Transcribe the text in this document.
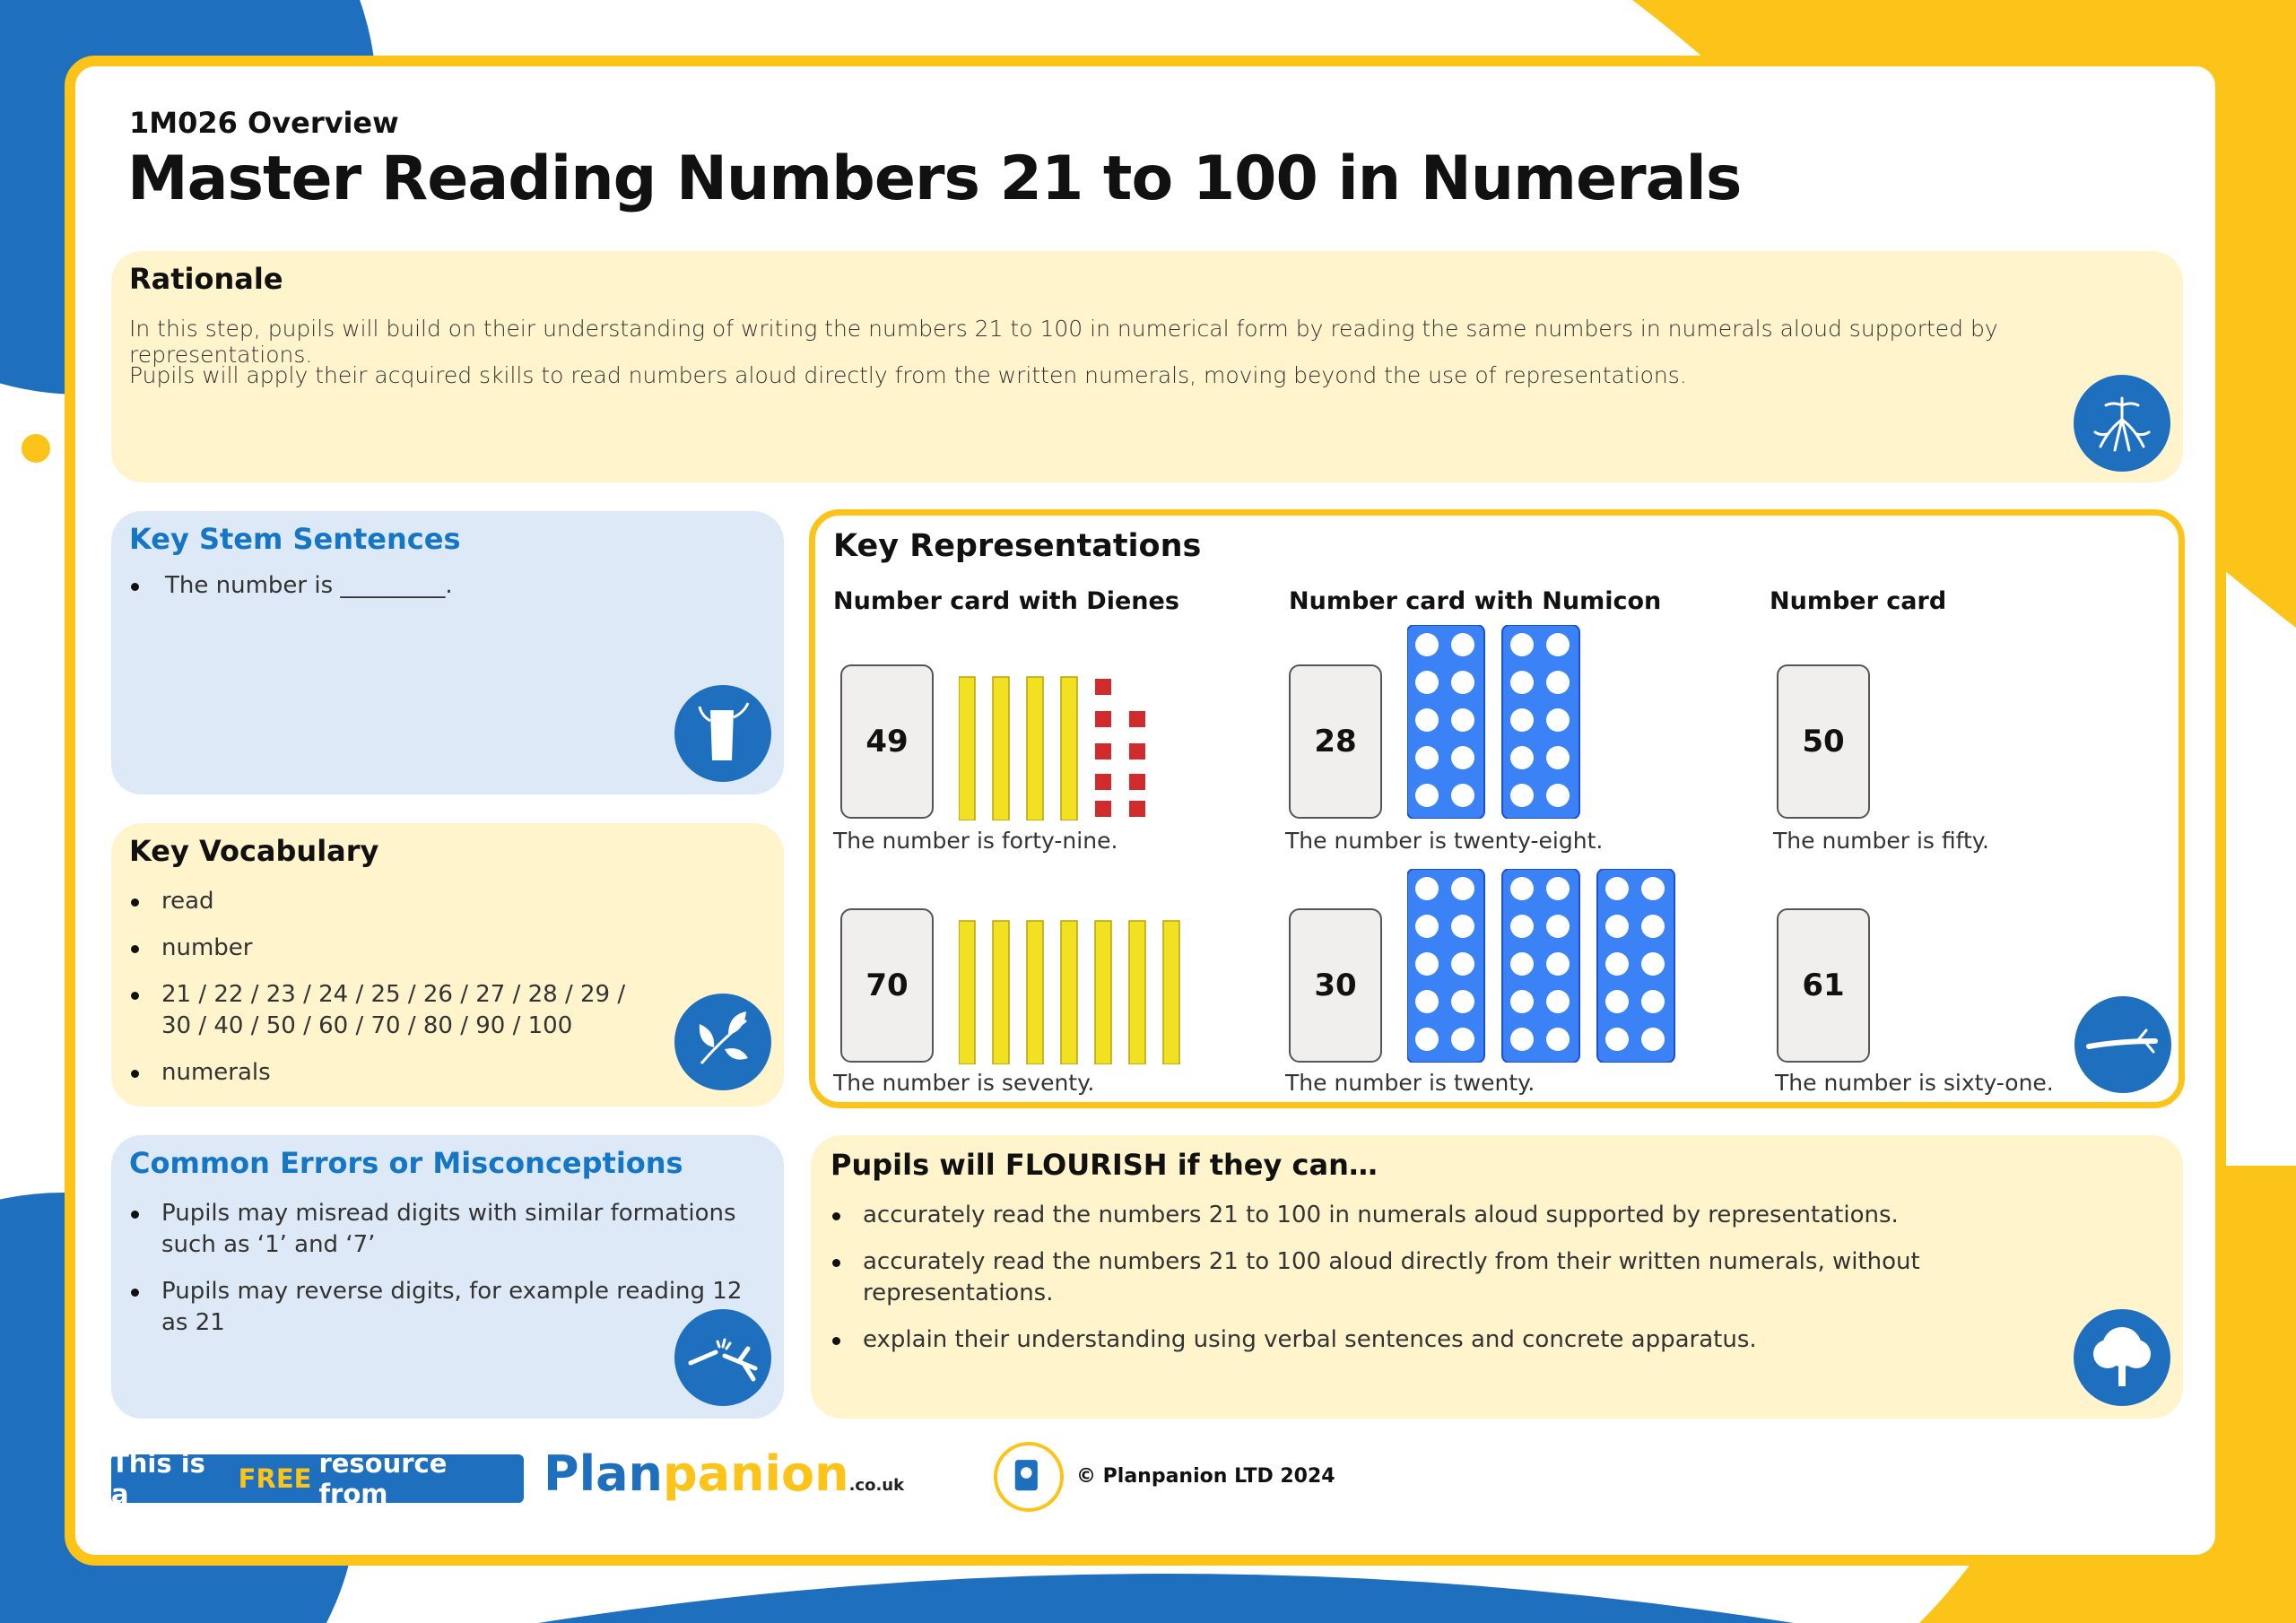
1M026 Overview
Master Reading Numbers 21 to 100 in Numerals
Rationale

In this step, pupils will build on their understanding of writing the numbers 21 to 100 in numerical form by reading the same numbers in numerals aloud supported by representations.

Pupils will apply their acquired skills to read numbers aloud directly from the written numerals, moving beyond the use of representations.

Key Stem Sentences
The number is _________.
Key Vocabulary
read
number
21 / 22 / 23 / 24 / 25 / 26 / 27 / 28 / 29 / 30 / 40 / 50 / 60 / 70 / 80 / 90 / 100
numerals
Common Errors or Misconceptions
Pupils may misread digits with similar formations such as ‘1’ and ‘7’
Pupils may reverse digits, for example reading 12 as 21
Key Representations
Number card with Dienes	Number card with Numicon	Number card
49
The number is forty-nine.
28
The number is twenty-eight.
50
The number is fifty.
70
The number is seventy.
30
The number is twenty.
61
The number is sixty-one.
Pupils will FLOURISH if they can…
accurately read the numbers 21 to 100 in numerals aloud supported by representations.
accurately read the numbers 21 to 100 aloud directly from their written numerals, without representations.
explain their understanding using verbal sentences and concrete apparatus.
This is a	FREE resource from	Planpanion.co.uk	© Planpanion LTD 2024
